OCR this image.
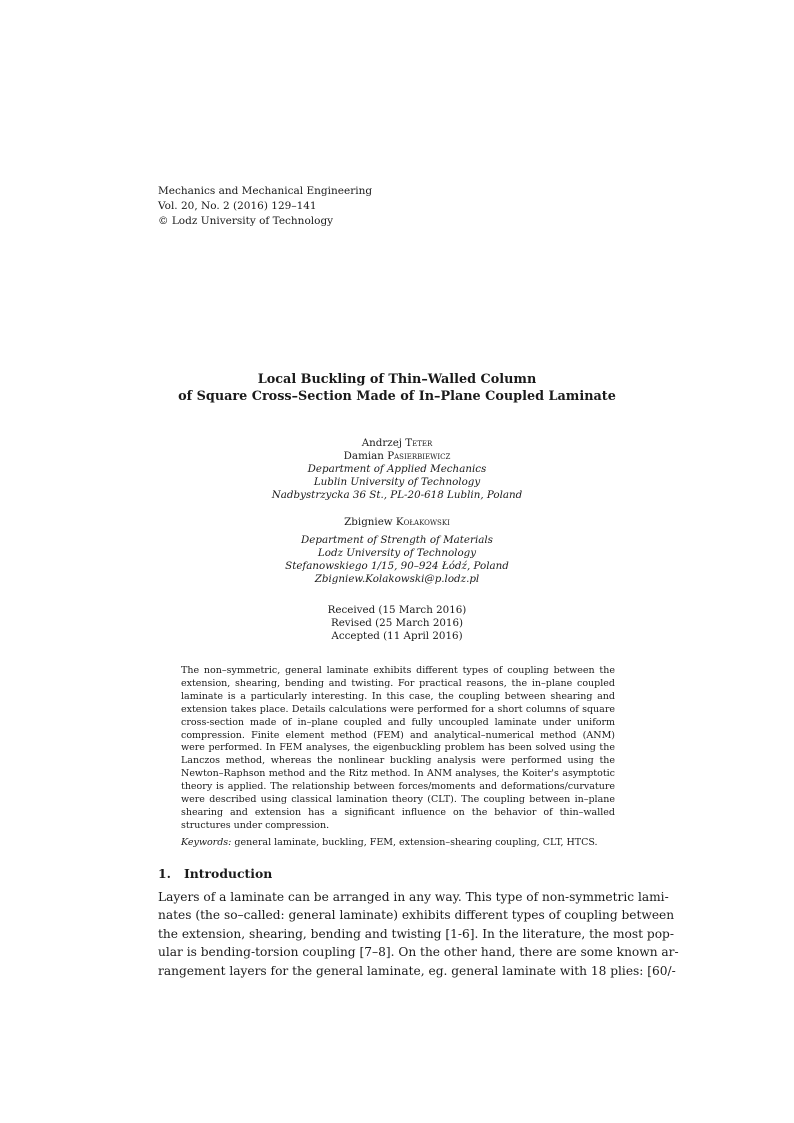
Mechanics and Mechanical Engineering
Vol. 20, No. 2 (2016) 129–141
© Lodz University of Technology
Local Buckling of Thin–Walled Column
of Square Cross–Section Made of In–Plane Coupled Laminate
Andrzej Teter
Damian Pasierbiewicz
Department of Applied Mechanics
Lublin University of Technology
Nadbystrzycka 36 St., PL-20-618 Lublin, Poland
Zbigniew Kołakowski
Department of Strength of Materials
Lodz University of Technology
Stefanowskiego 1/15, 90–924 Łódź, Poland
Zbigniew.Kolakowski@p.lodz.pl
Received (15 March 2016)
Revised (25 March 2016)
Accepted (11 April 2016)
The non–symmetric, general laminate exhibits different types of coupling between the extension, shearing, bending and twisting. For practical reasons, the in–plane coupled laminate is a particularly interesting. In this case, the coupling between shearing and extension takes place. Details calculations were performed for a short columns of square cross-section made of in–plane coupled and fully uncoupled laminate under uniform compression. Finite element method (FEM) and analytical–numerical method (ANM) were performed. In FEM analyses, the eigenbuckling problem has been solved using the Lanczos method, whereas the nonlinear buckling analysis were performed using the Newton–Raphson method and the Ritz method. In ANM analyses, the Koiter's asymptotic theory is applied. The relationship between forces/moments and deformations/curvature were described using classical lamination theory (CLT). The coupling between in–plane shearing and extension has a significant influence on the behavior of thin–walled structures under compression.
Keywords: general laminate, buckling, FEM, extension–shearing coupling, CLT, HTCS.
1. Introduction
Layers of a laminate can be arranged in any way. This type of non-symmetric lami-
nates (the so–called: general laminate) exhibits different types of coupling between
the extension, shearing, bending and twisting [1-6]. In the literature, the most pop-
ular is bending-torsion coupling [7–8]. On the other hand, there are some known ar-
rangement layers for the general laminate, eg. general laminate with 18 plies: [60/-
